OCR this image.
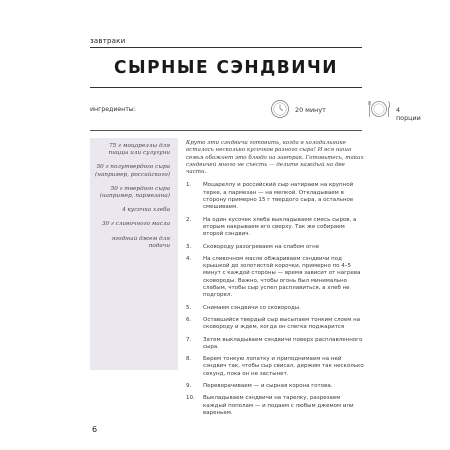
завтраки
СЫРНЫЕ СЭНДВИЧИ
ингредиенты:	20 минут	4 порции
75 г моцареллы для пиццы или сулугуни
50 г полутвердого сыра (например, российского)
50 г твердого сыра (например, пармезана)
4 кусочка хлеба
30 г сливочного масла
ягодный джем для подачи
Круто эти сэндвичи готовить, когда в холодильнике осталось несколько кусочков разного сыра! И вся наша семья обожает это блюдо на завтрак. Готовьтесь, таких сэндвичей много не съесть — делите каждый на две части.
1.	Моцареллу и российский сыр натираем на крупной терке, а пармезан — на мелкой. Откладываем в сторону примерно 15 г твердого сыра, а остальное смешиваем.
2.	На один кусочек хлеба выкладываем смесь сыров, а вторым накрываем его сверху. Так же собираем второй сэндвич.
3.	Сковороду разогреваем на слабом огне
4.	На сливочном масле обжариваем сэндвичи под крышкой до золотистой корочки, примерно по 4–5 минут с каждой стороны — время зависит от нагрева сковороды. Важно, чтобы огонь был минимально слабым, чтобы сыр успел расплавиться, а хлеб не подгорел.
5.	Снимаем сэндвичи со сковороды.
6.	Оставшийся твердый сыр высыпаем тонким слоем на сковороду и ждем, когда он слегка поджарится
7.	Затем выкладываем сэндвичи поверх расплавленного сыра.
8.	Берем тонкую лопатку и приподнимаем на ней сэндвич так, чтобы сыр свисал, держим так несколько секунд, пока он не застынет.
9.	Переворачиваем — и сырная корона готова.
10. Выкладываем сэндвичи на тарелку, разрезаем каждый пополам — и подаем с любым джемом или вареньем.
6
